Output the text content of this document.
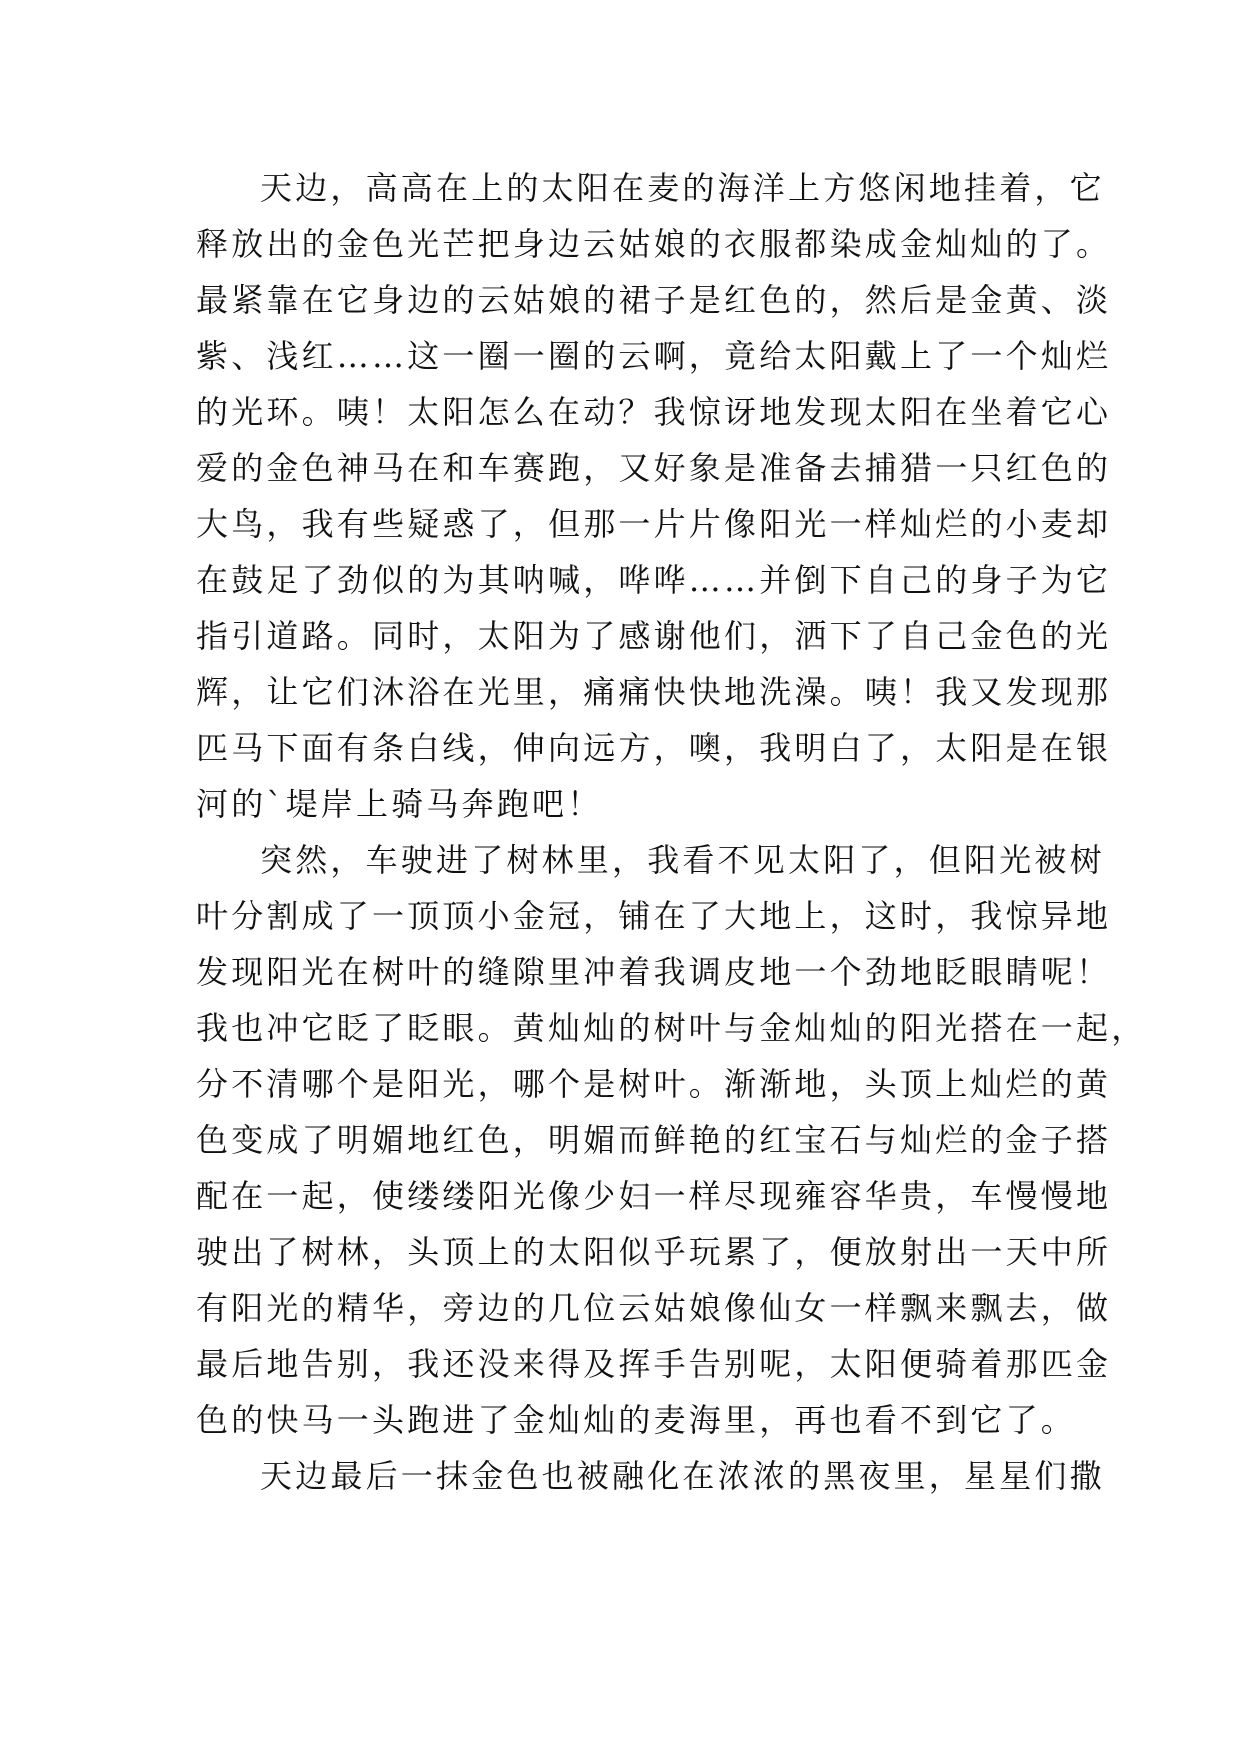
天边，高高在上的太阳在麦的海洋上方悠闲地挂着，它
释放出的金色光芒把身边云姑娘的衣服都染成金灿灿的了。
最紧靠在它身边的云姑娘的裙子是红色的，然后是金黄、淡
紫、浅红……这一圈一圈的云啊，竟给太阳戴上了一个灿烂
的光环。咦！太阳怎么在动？我惊讶地发现太阳在坐着它心
爱的金色神马在和车赛跑，又好象是准备去捕猎一只红色的
大鸟，我有些疑惑了，但那一片片像阳光一样灿烂的小麦却
在鼓足了劲似的为其呐喊，哗哗……并倒下自己的身子为它
指引道路。同时，太阳为了感谢他们，洒下了自己金色的光
辉，让它们沐浴在光里，痛痛快快地洗澡。咦！我又发现那
匹马下面有条白线，伸向远方，噢，我明白了，太阳是在银
河的`堤岸上骑马奔跑吧！
突然，车驶进了树林里，我看不见太阳了，但阳光被树
叶分割成了一顶顶小金冠，铺在了大地上，这时，我惊异地
发现阳光在树叶的缝隙里冲着我调皮地一个劲地眨眼睛呢！
我也冲它眨了眨眼。黄灿灿的树叶与金灿灿的阳光搭在一起，
分不清哪个是阳光，哪个是树叶。渐渐地，头顶上灿烂的黄
色变成了明媚地红色，明媚而鲜艳的红宝石与灿烂的金子搭
配在一起，使缕缕阳光像少妇一样尽现雍容华贵，车慢慢地
驶出了树林，头顶上的太阳似乎玩累了，便放射出一天中所
有阳光的精华，旁边的几位云姑娘像仙女一样飘来飘去，做
最后地告别，我还没来得及挥手告别呢，太阳便骑着那匹金
色的快马一头跑进了金灿灿的麦海里，再也看不到它了。
天边最后一抹金色也被融化在浓浓的黑夜里，星星们撒
